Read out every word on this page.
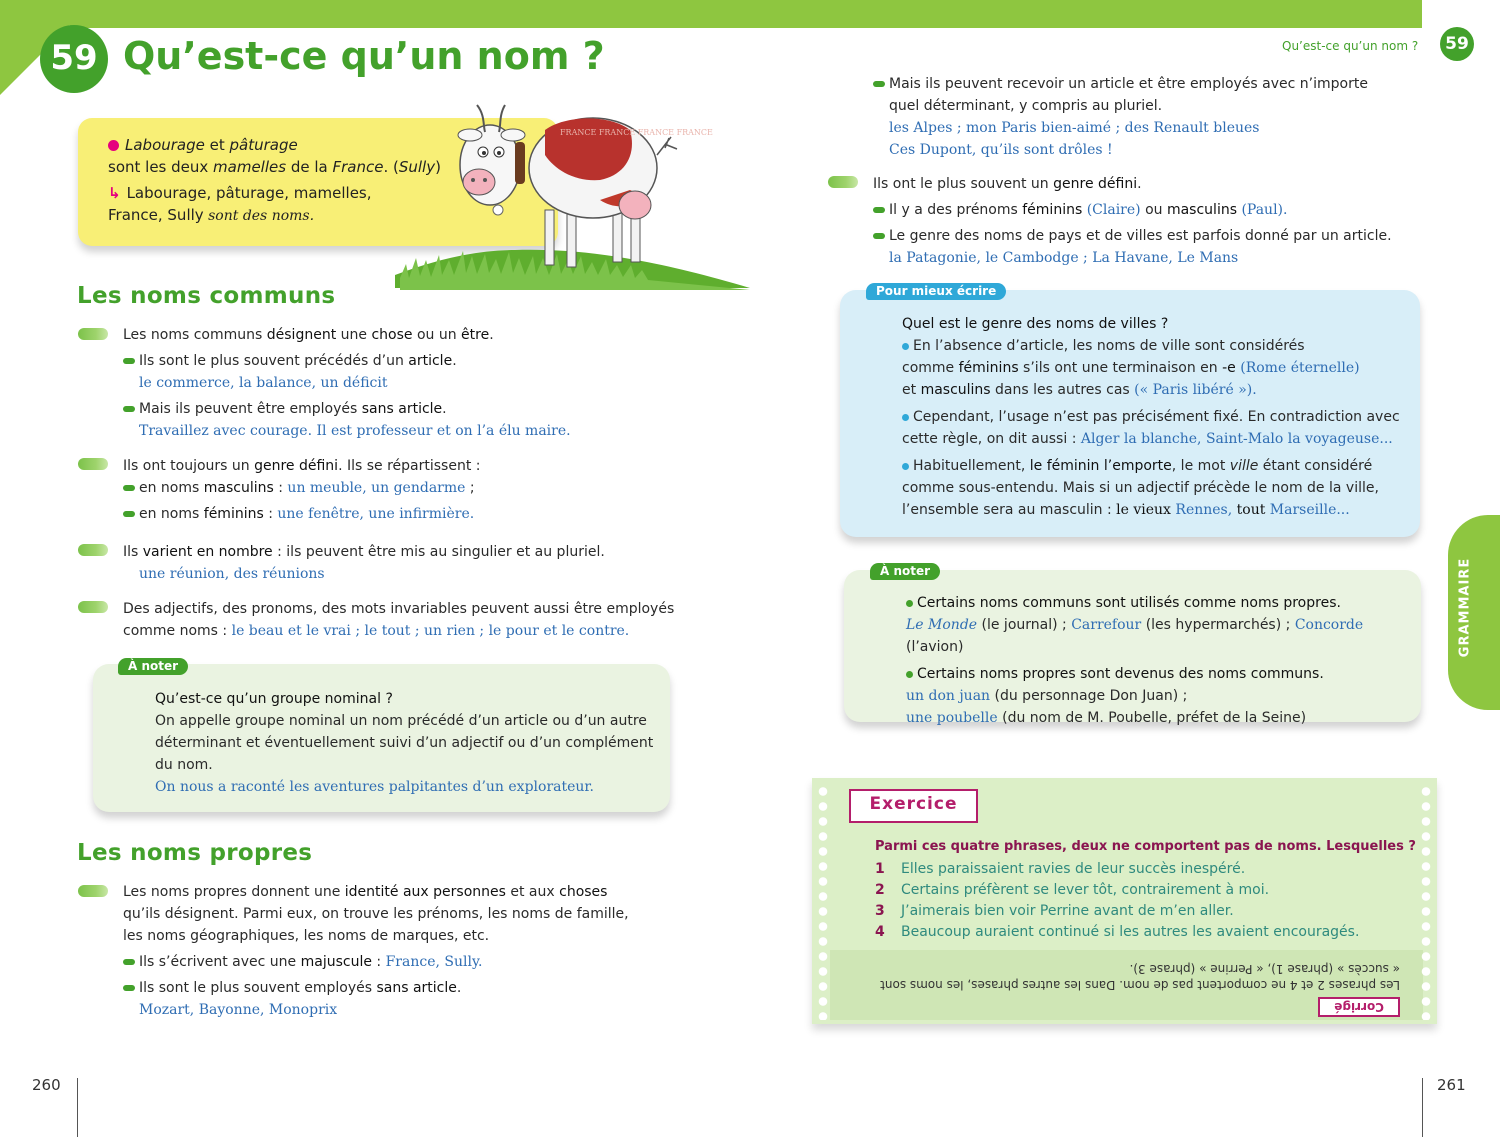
59 Qu’est-ce qu’un nom ?
Labourage et pâturage
sont les deux mamelles de la France. (Sully)
↳ Labourage, pâturage, mamelles,
France, Sully sont des noms.
FRANCE FRANCE FRANCE FRANCE
Les noms communs
Les noms communs désignent une chose ou un être.
Ils sont le plus souvent précédés d’un article.
le commerce, la balance, un déficit
Mais ils peuvent être employés sans article.
Travaillez avec courage. Il est professeur et on l’a élu maire.
Ils ont toujours un genre défini. Ils se répartissent :
en noms masculins : un meuble, un gendarme ;
en noms féminins : une fenêtre, une infirmière.
Ils varient en nombre : ils peuvent être mis au singulier et au pluriel.
une réunion, des réunions
Des adjectifs, des pronoms, des mots invariables peuvent aussi être employés
comme noms : le beau et le vrai ; le tout ; un rien ; le pour et le contre.
À noter
Qu’est-ce qu’un groupe nominal ?
On appelle groupe nominal un nom précédé d’un article ou d’un autre
déterminant et éventuellement suivi d’un adjectif ou d’un complément
du nom.
On nous a raconté les aventures palpitantes d’un explorateur.
Les noms propres
Les noms propres donnent une identité aux personnes et aux choses
qu’ils désignent. Parmi eux, on trouve les prénoms, les noms de famille,
les noms géographiques, les noms de marques, etc.
Ils s’écrivent avec une majuscule : France, Sully.
Ils sont le plus souvent employés sans article.
Mozart, Bayonne, Monoprix
260
Qu’est-ce qu’un nom ?	59
Mais ils peuvent recevoir un article et être employés avec n’importe
quel déterminant, y compris au pluriel.
les Alpes ; mon Paris bien-aimé ; des Renault bleues
Ces Dupont, qu’ils sont drôles !
Ils ont le plus souvent un genre défini.
Il y a des prénoms féminins (Claire) ou masculins (Paul).
Le genre des noms de pays et de villes est parfois donné par un article.
la Patagonie, le Cambodge ; La Havane, Le Mans
Pour mieux écrire
Quel est le genre des noms de villes ?
En l’absence d’article, les noms de ville sont considérés
comme féminins s’ils ont une terminaison en -e (Rome éternelle)
et masculins dans les autres cas (« Paris libéré »).
Cependant, l’usage n’est pas précisément fixé. En contradiction avec
cette règle, on dit aussi : Alger la blanche, Saint-Malo la voyageuse...
Habituellement, le féminin l’emporte, le mot ville étant considéré
comme sous-entendu. Mais si un adjectif précède le nom de la ville,
l’ensemble sera au masculin : le vieux Rennes, tout Marseille...
À noter
Certains noms communs sont utilisés comme noms propres.
Le Monde (le journal) ; Carrefour (les hypermarchés) ; Concorde (l’avion)
Certains noms propres sont devenus des noms communs.
un don juan (du personnage Don Juan) ;
une poubelle (du nom de M. Poubelle, préfet de la Seine)
GRAMMAIRE
Exercice
Parmi ces quatre phrases, deux ne comportent pas de noms. Lesquelles ?
1 Elles paraissaient ravies de leur succès inespéré.
2 Certains préfèrent se lever tôt, contrairement à moi.
3 J’aimerais bien voir Perrine avant de m’en aller.
4 Beaucoup auraient continué si les autres les avaient encouragés.
Corrigé
Les phrases 2 et 4 ne comportent pas de nom. Dans les autres phrases, les noms sont
« succès » (phrase 1), « Perrine » (phrase 3).
261
